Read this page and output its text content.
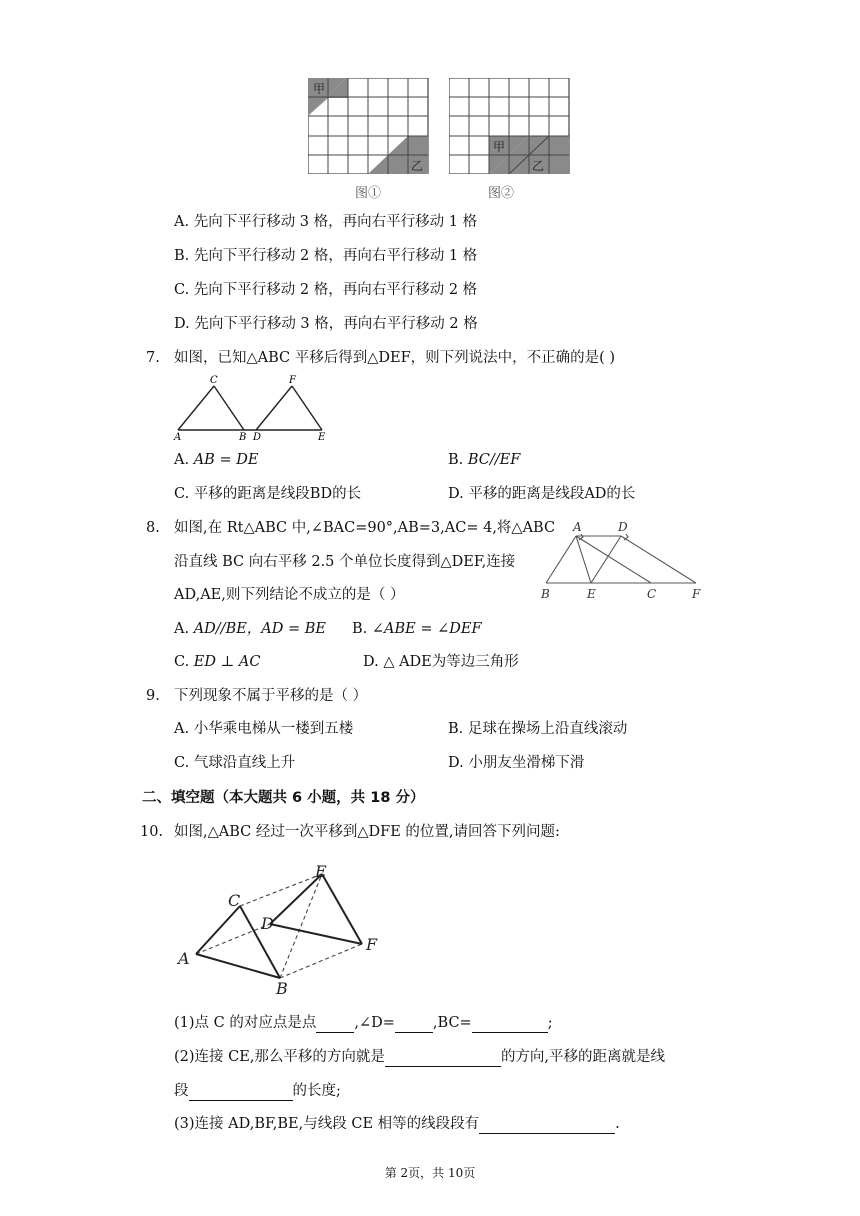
甲
乙
图①
甲
乙
图②
A. 先向下平行移动 3 格，再向右平行移动 1 格
B. 先向下平行移动 2 格，再向右平行移动 1 格
C. 先向下平行移动 2 格，再向右平行移动 2 格
D. 先向下平行移动 3 格，再向右平行移动 2 格
7. 如图，已知△ABC 平移后得到△DEF，则下列说法中，不正确的是( )
A
C
B D
F
E
A. AB = DE	B. BC//EF
C. 平移的距离是线段BD的长	D. 平移的距离是线段AD的长
8. 如图,在 Rt△ABC 中,∠BAC=90°,AB=3,AC= 4,将△ABC
沿直线 BC 向右平移 2.5 个单位长度得到△DEF,连接
AD,AE,则下列结论不成立的是（ ）
A	D
B	E	C	F
A. AD//BE，AD = BE B. ∠ABE = ∠DEF
C. ED ⊥ AC	D. △ ADE为等边三角形
9. 下列现象不属于平移的是（ ）
A. 小华乘电梯从一楼到五楼	B. 足球在操场上沿直线滚动
C. 气球沿直线上升	D. 小朋友坐滑梯下滑
二、填空题（本大题共 6 小题，共 18 分）
10. 如图,△ABC 经过一次平移到△DFE 的位置,请回答下列问题:
A
C
B
D
E
F
(1)点 C 的对应点是点	,∠D=	,BC=	;
(2)连接 CE,那么平移的方向就是	的方向,平移的距离就是线
段	的长度;
(3)连接 AD,BF,BE,与线段 CE 相等的线段段有	.
第 2页，共 10页
